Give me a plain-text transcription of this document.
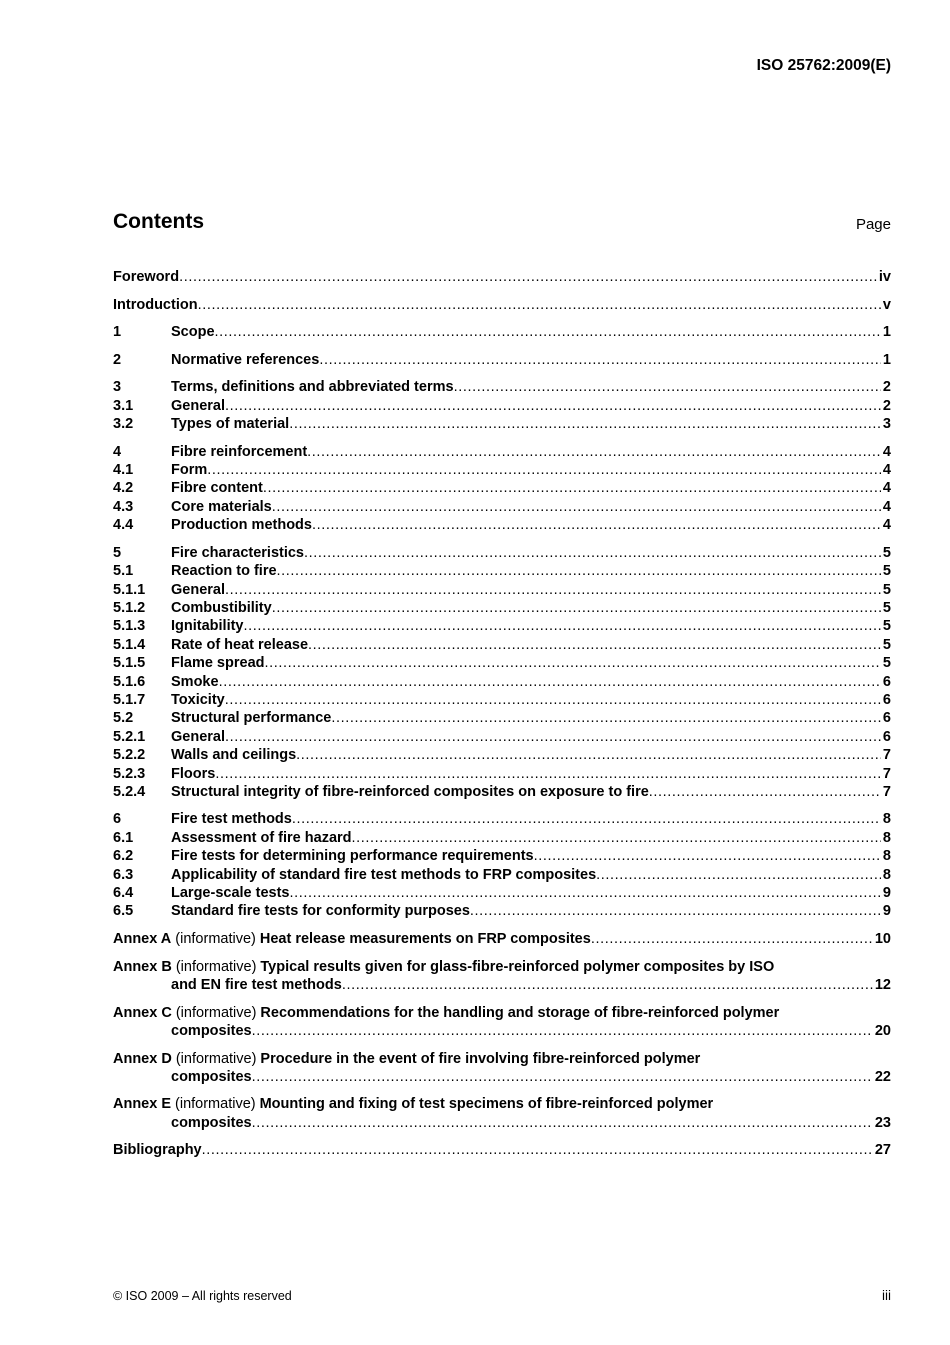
ISO 25762:2009(E)
Contents	Page
Foreword .....	iv
Introduction .....	v
1	Scope .....	1
2	Normative references .....	1
3	Terms, definitions and abbreviated terms .....	2
3.1	General .....	2
3.2	Types of material .....	3
4	Fibre reinforcement .....	4
4.1	Form .....	4
4.2	Fibre content .....	4
4.3	Core materials .....	4
4.4	Production methods .....	4
5	Fire characteristics .....	5
5.1	Reaction to fire .....	5
5.1.1	General .....	5
5.1.2	Combustibility .....	5
5.1.3	Ignitability .....	5
5.1.4	Rate of heat release .....	5
5.1.5	Flame spread .....	5
5.1.6	Smoke .....	6
5.1.7	Toxicity .....	6
5.2	Structural performance .....	6
5.2.1	General .....	6
5.2.2	Walls and ceilings .....	7
5.2.3	Floors .....	7
5.2.4	Structural integrity of fibre-reinforced composites on exposure to fire .....	7
6	Fire test methods .....	8
6.1	Assessment of fire hazard .....	8
6.2	Fire tests for determining performance requirements .....	8
6.3	Applicability of standard fire test methods to FRP composites .....	8
6.4	Large-scale tests .....	9
6.5	Standard fire tests for conformity purposes .....	9
Annex A (informative) Heat release measurements on FRP composites .....	10
Annex B (informative) Typical results given for glass-fibre-reinforced polymer composites by ISO
and EN fire test methods .....	12
Annex C (informative) Recommendations for the handling and storage of fibre-reinforced polymer
composites .....	20
Annex D (informative) Procedure in the event of fire involving fibre-reinforced polymer
composites .....	22
Annex E (informative) Mounting and fixing of test specimens of fibre-reinforced polymer
composites .....	23
Bibliography .....	27
© ISO 2009 – All rights reserved	iii
